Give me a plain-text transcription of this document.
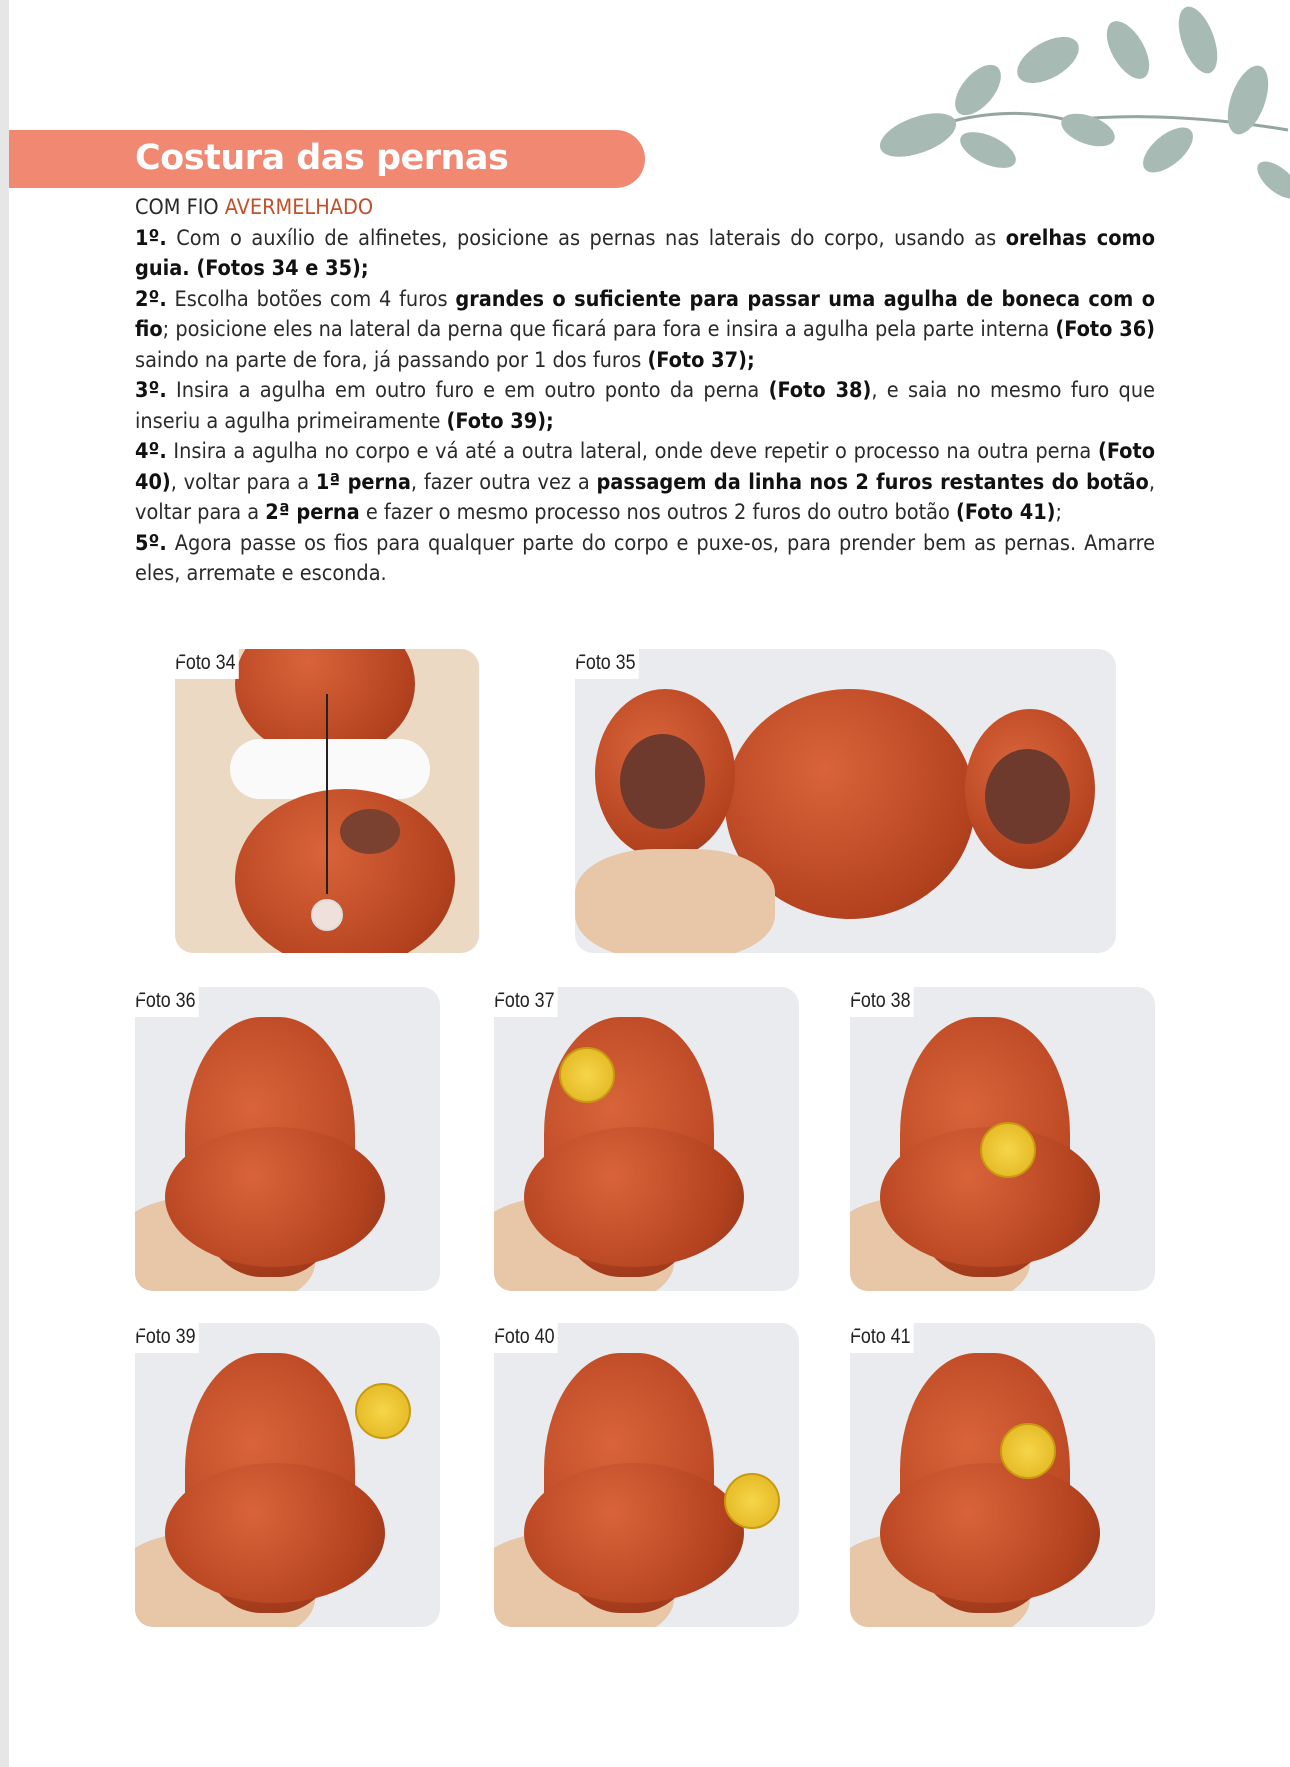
Costura das pernas

COM FIO AVERMELHADO

1º. Com o auxílio de alfinetes, posicione as pernas nas laterais do corpo, usando as orelhas como guia. (Fotos 34 e 35);

2º. Escolha botões com 4 furos grandes o suficiente para passar uma agulha de boneca com o fio; posicione eles na lateral da perna que ficará para fora e insira a agulha pela parte interna (Foto 36) saindo na parte de fora, já passando por 1 dos furos (Foto 37);

3º. Insira a agulha em outro furo e em outro ponto da perna (Foto 38), e saia no mesmo furo que inseriu a agulha primeiramente (Foto 39);

4º. Insira a agulha no corpo e vá até a outra lateral, onde deve repetir o processo na outra perna (Foto 40), voltar para a 1ª perna, fazer outra vez a passagem da linha nos 2 furos restantes do botão, voltar para a 2ª perna e fazer o mesmo processo nos outros 2 furos do outro botão (Foto 41);

5º. Agora passe os fios para qualquer parte do corpo e puxe-os, para prender bem as pernas. Amarre eles, arremate e esconda.

Foto 34	Foto 35
Foto 36	Foto 37	Foto 38
Foto 39	Foto 40	Foto 41
